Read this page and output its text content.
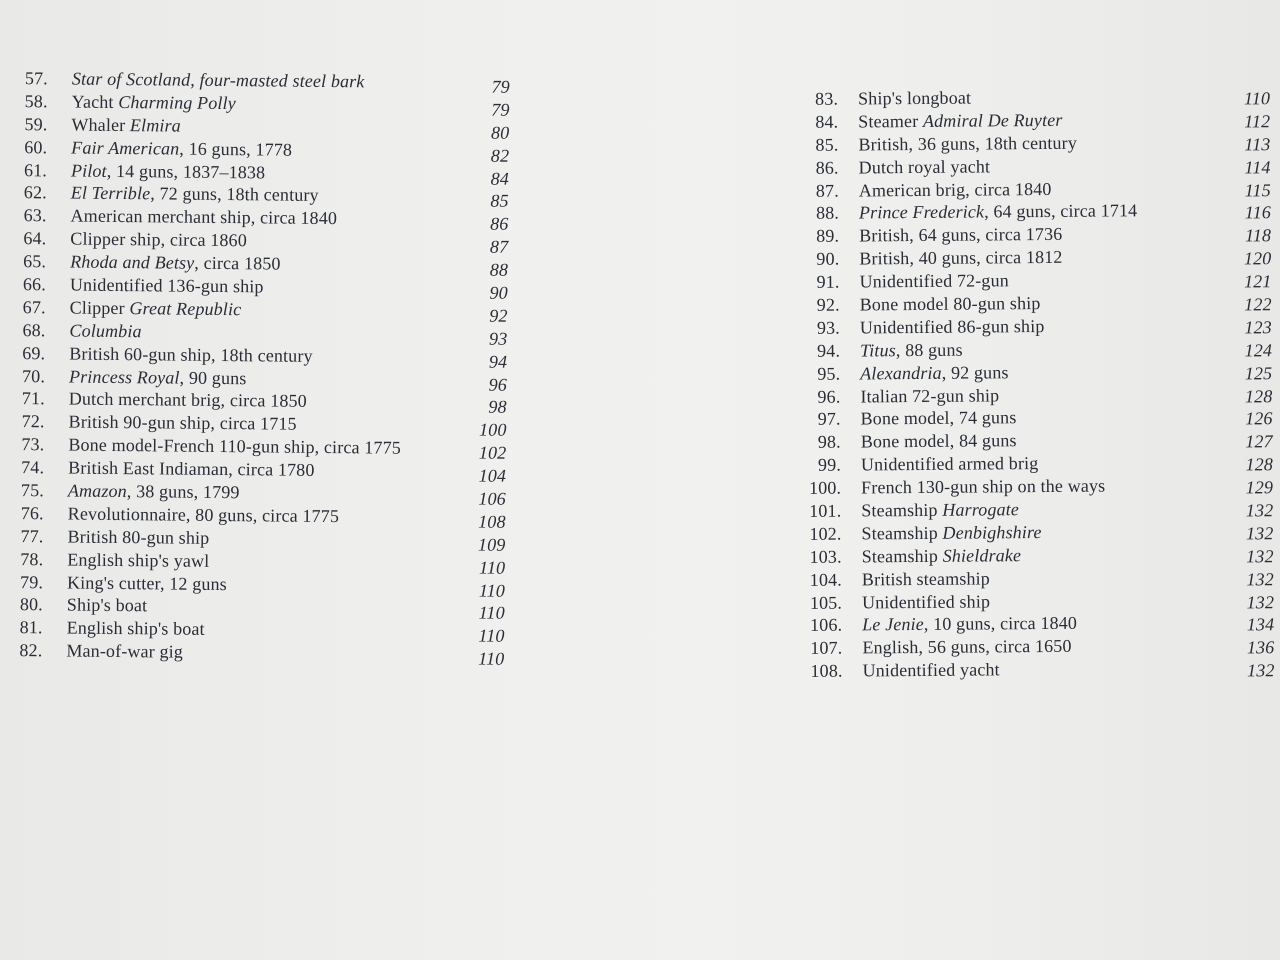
57. Star of Scotland, four-masted steel bark	79
58. Yacht Charming Polly	79
59. Whaler Elmira	80
60. Fair American, 16 guns, 1778	82
61. Pilot, 14 guns, 1837–1838	84
62. El Terrible, 72 guns, 18th century	85
63. American merchant ship, circa 1840	86
64. Clipper ship, circa 1860	87
65. Rhoda and Betsy, circa 1850	88
66. Unidentified 136-gun ship	90
67. Clipper Great Republic	92
68. Columbia	93
69. British 60-gun ship, 18th century	94
70. Princess Royal, 90 guns	96
71. Dutch merchant brig, circa 1850	98
72. British 90-gun ship, circa 1715	100
73. Bone model-French 110-gun ship, circa 1775	102
74. British East Indiaman, circa 1780	104
75. Amazon, 38 guns, 1799	106
76. Revolutionnaire, 80 guns, circa 1775	108
77. British 80-gun ship	109
78. English ship's yawl	110
79. King's cutter, 12 guns	110
80. Ship's boat	110
81. English ship's boat	110
82. Man-of-war gig	110
83. Ship's longboat	110
84. Steamer Admiral De Ruyter	112
85. British, 36 guns, 18th century	113
86. Dutch royal yacht	114
87. American brig, circa 1840	115
88. Prince Frederick, 64 guns, circa 1714	116
89. British, 64 guns, circa 1736	118
90. British, 40 guns, circa 1812	120
91. Unidentified 72-gun	121
92. Bone model 80-gun ship	122
93. Unidentified 86-gun ship	123
94. Titus, 88 guns	124
95. Alexandria, 92 guns	125
96. Italian 72-gun ship	128
97. Bone model, 74 guns	126
98. Bone model, 84 guns	127
99. Unidentified armed brig	128
100. French 130-gun ship on the ways	129
101. Steamship Harrogate	132
102. Steamship Denbighshire	132
103. Steamship Shieldrake	132
104. British steamship	132
105. Unidentified ship	132
106. Le Jenie, 10 guns, circa 1840	134
107. English, 56 guns, circa 1650	136
108. Unidentified yacht	132
